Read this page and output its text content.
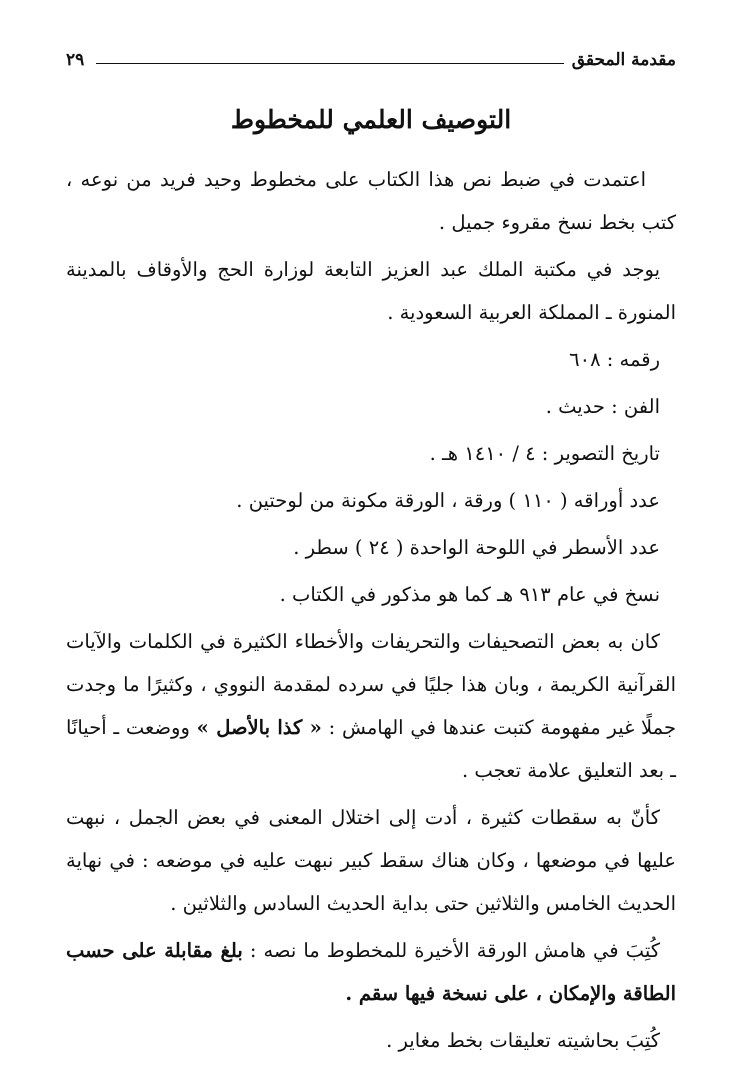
مقدمة المحقق
٢٩
التوصيف العلمي للمخطوط

اعتمدت في ضبط نص هذا الكتاب على مخطوط وحيد فريد من نوعه ، كتب بخط نسخ مقروء جميل .

يوجد في مكتبة الملك عبد العزيز التابعة لوزارة الحج والأوقاف بالمدينة المنورة ـ المملكة العربية السعودية .

رقمه : ٦٠٨

الفن : حديث .

تاريخ التصوير : ٤ / ١٤١٠ هـ .

عدد أوراقه ( ١١٠ ) ورقة ، الورقة مكونة من لوحتين .

عدد الأسطر في اللوحة الواحدة ( ٢٤ ) سطر .

نسخ في عام ٩١٣ هـ كما هو مذكور في الكتاب .

كان به بعض التصحيفات والتحريفات والأخطاء الكثيرة في الكلمات والآيات القرآنية الكريمة ، وبان هذا جليًا في سرده لمقدمة النووي ، وكثيرًا ما وجدت جملًا غير مفهومة كتبت عندها في الهامش : « كذا بالأصل » ووضعت ـ أحيانًا ـ بعد التعليق علامة تعجب .

كأنّ به سقطات كثيرة ، أدت إلى اختلال المعنى في بعض الجمل ، نبهت عليها في موضعها ، وكان هناك سقط كبير نبهت عليه في موضعه : في نهاية الحديث الخامس والثلاثين حتى بداية الحديث السادس والثلاثين .

كُتِبَ في هامش الورقة الأخيرة للمخطوط ما نصه : بلغ مقابلة على حسب الطاقة والإمكان ، على نسخة فيها سقم .

كُتِبَ بحاشيته تعليقات بخط مغاير .
